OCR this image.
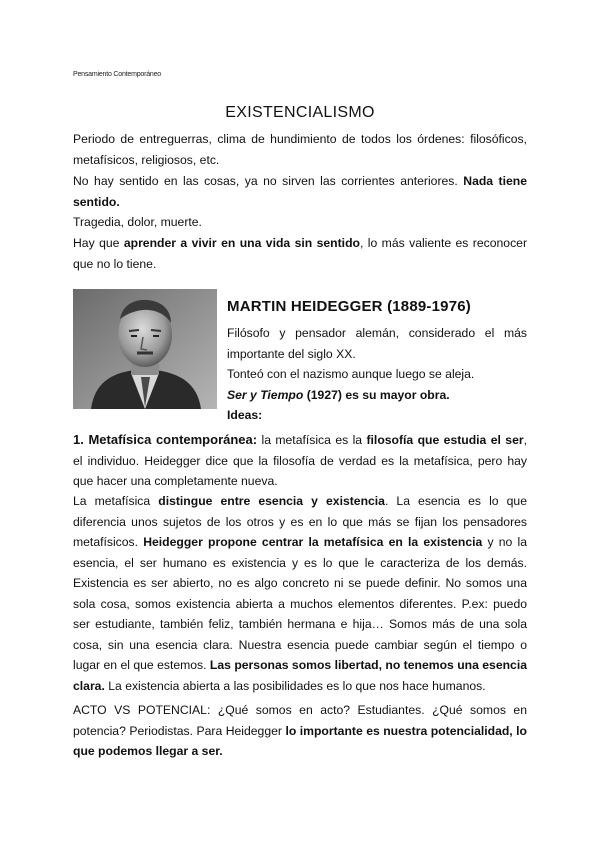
Pensamiento Contemporáneo
EXISTENCIALISMO
Periodo de entreguerras, clima de hundimiento de todos los órdenes: filosóficos, metafísicos, religiosos, etc.
No hay sentido en las cosas, ya no sirven las corrientes anteriores. Nada tiene sentido.
Tragedia, dolor, muerte.
Hay que aprender a vivir en una vida sin sentido, lo más valiente es reconocer que no lo tiene.
MARTIN HEIDEGGER (1889-1976)
Filósofo y pensador alemán, considerado el más importante del siglo XX.
Tonteó con el nazismo aunque luego se aleja.
Ser y Tiempo (1927) es su mayor obra.
Ideas:
1. Metafísica contemporánea: la metafísica es la filosofía que estudia el ser, el individuo. Heidegger dice que la filosofía de verdad es la metafísica, pero hay que hacer una completamente nueva.
La metafísica distingue entre esencia y existencia. La esencia es lo que diferencia unos sujetos de los otros y es en lo que más se fijan los pensadores metafísicos. Heidegger propone centrar la metafísica en la existencia y no la esencia, el ser humano es existencia y es lo que le caracteriza de los demás. Existencia es ser abierto, no es algo concreto ni se puede definir. No somos una sola cosa, somos existencia abierta a muchos elementos diferentes. P.ex: puedo ser estudiante, también feliz, también hermana e hija… Somos más de una sola cosa, sin una esencia clara. Nuestra esencia puede cambiar según el tiempo o lugar en el que estemos. Las personas somos libertad, no tenemos una esencia clara. La existencia abierta a las posibilidades es lo que nos hace humanos.
ACTO VS POTENCIAL: ¿Qué somos en acto? Estudiantes. ¿Qué somos en potencia? Periodistas. Para Heidegger lo importante es nuestra potencialidad, lo que podemos llegar a ser.
